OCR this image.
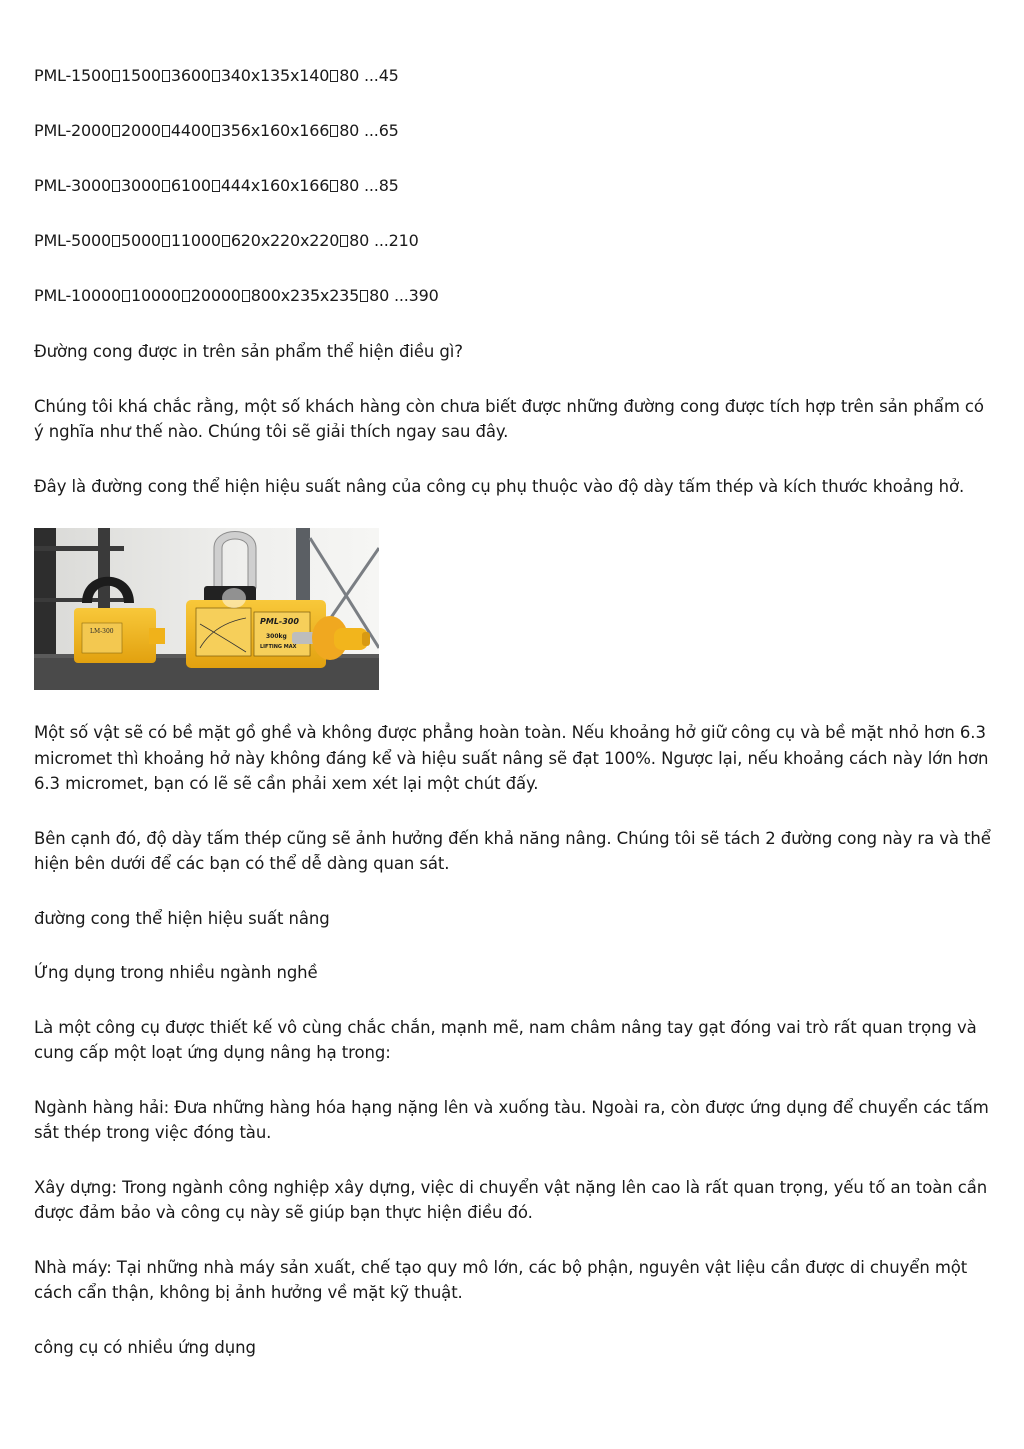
PML-1500 1500 3600 340x135x140 80 ...45
PML-2000 2000 4400 356x160x166 80 ...65
PML-3000 3000 6100 444x160x166 80 ...85
PML-5000 5000 11000 620x220x220 80 ...210
PML-10000 10000 20000 800x235x235 80 ...390

Đường cong được in trên sản phẩm thể hiện điều gì?

Chúng tôi khá chắc rằng, một số khách hàng còn chưa biết được những đường cong được tích hợp trên sản phẩm có ý nghĩa như thế nào. Chúng tôi sẽ giải thích ngay sau đây.

Đây là đường cong thể hiện hiệu suất nâng của công cụ phụ thuộc vào độ dày tấm thép và kích thước khoảng hở.

LM-300
PML-300
300kg
LIFTING MAX

Một số vật sẽ có bề mặt gồ ghề và không được phẳng hoàn toàn. Nếu khoảng hở giữ công cụ và bề mặt nhỏ hơn 6.3 micromet thì khoảng hở này không đáng kể và hiệu suất nâng sẽ đạt 100%. Ngược lại, nếu khoảng cách này lớn hơn 6.3 micromet, bạn có lẽ sẽ cần phải xem xét lại một chút đấy.

Bên cạnh đó, độ dày tấm thép cũng sẽ ảnh hưởng đến khả năng nâng. Chúng tôi sẽ tách 2 đường cong này ra và thể hiện bên dưới để các bạn có thể dễ dàng quan sát.

đường cong thể hiện hiệu suất nâng

Ứng dụng trong nhiều ngành nghề

Là một công cụ được thiết kế vô cùng chắc chắn, mạnh mẽ, nam châm nâng tay gạt đóng vai trò rất quan trọng và cung cấp một loạt ứng dụng nâng hạ trong:

Ngành hàng hải: Đưa những hàng hóa hạng nặng lên và xuống tàu. Ngoài ra, còn được ứng dụng để chuyển các tấm sắt thép trong việc đóng tàu.

Xây dựng: Trong ngành công nghiệp xây dựng, việc di chuyển vật nặng lên cao là rất quan trọng, yếu tố an toàn cần được đảm bảo và công cụ này sẽ giúp bạn thực hiện điều đó.

Nhà máy: Tại những nhà máy sản xuất, chế tạo quy mô lớn, các bộ phận, nguyên vật liệu cần được di chuyển một cách cẩn thận, không bị ảnh hưởng về mặt kỹ thuật.

công cụ có nhiều ứng dụng
